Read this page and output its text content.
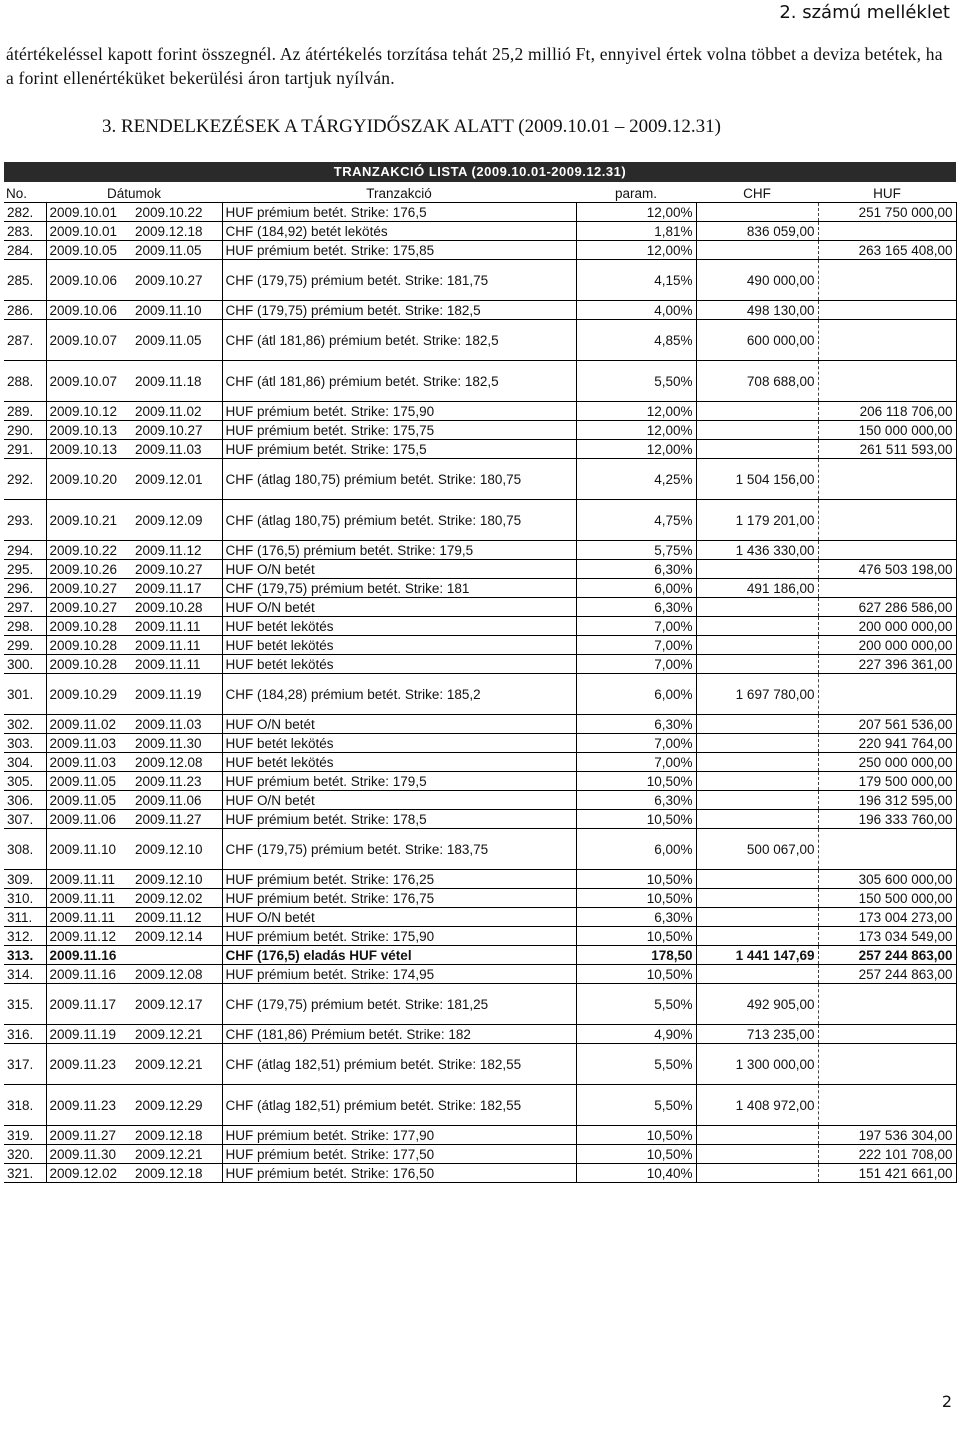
2. számú melléklet
átértékeléssel kapott forint összegnél. Az átértékelés torzítása tehát 25,2 millió Ft, ennyivel értek volna többet a deviza betétek, ha a forint ellenértéküket bekerülési áron tartjuk nyílván.
3. RENDELKEZÉSEK A TÁRGYIDŐSZAK ALATT (2009.10.01 – 2009.12.31)
TRANZAKCIÓ LISTA (2009.10.01-2009.12.31)
No.	Dátumok		Tranzakció	param.	CHF	HUF
282.	2009.10.01	2009.10.22	HUF prémium betét. Strike: 176,5	12,00%		251 750 000,00
283.	2009.10.01	2009.12.18	CHF (184,92) betét lekötés	1,81%	836 059,00	
284.	2009.10.05	2009.11.05	HUF prémium betét. Strike: 175,85	12,00%		263 165 408,00
285.	2009.10.06	2009.10.27	CHF (179,75) prémium betét. Strike: 181,75	4,15%	490 000,00	
286.	2009.10.06	2009.11.10	CHF (179,75) prémium betét. Strike: 182,5	4,00%	498 130,00	
287.	2009.10.07	2009.11.05	CHF (átl 181,86) prémium betét. Strike: 182,5	4,85%	600 000,00	
288.	2009.10.07	2009.11.18	CHF (átl 181,86) prémium betét. Strike: 182,5	5,50%	708 688,00	
289.	2009.10.12	2009.11.02	HUF prémium betét. Strike: 175,90	12,00%		206 118 706,00
290.	2009.10.13	2009.10.27	HUF prémium betét. Strike: 175,75	12,00%		150 000 000,00
291.	2009.10.13	2009.11.03	HUF prémium betét. Strike: 175,5	12,00%		261 511 593,00
292.	2009.10.20	2009.12.01	CHF (átlag 180,75) prémium betét. Strike: 180,75	4,25%	1 504 156,00	
293.	2009.10.21	2009.12.09	CHF (átlag 180,75) prémium betét. Strike: 180,75	4,75%	1 179 201,00	
294.	2009.10.22	2009.11.12	CHF (176,5) prémium betét. Strike: 179,5	5,75%	1 436 330,00	
295.	2009.10.26	2009.10.27	HUF O/N betét	6,30%		476 503 198,00
296.	2009.10.27	2009.11.17	CHF (179,75) prémium betét. Strike: 181	6,00%	491 186,00	
297.	2009.10.27	2009.10.28	HUF O/N betét	6,30%		627 286 586,00
298.	2009.10.28	2009.11.11	HUF betét lekötés	7,00%		200 000 000,00
299.	2009.10.28	2009.11.11	HUF betét lekötés	7,00%		200 000 000,00
300.	2009.10.28	2009.11.11	HUF betét lekötés	7,00%		227 396 361,00
301.	2009.10.29	2009.11.19	CHF (184,28) prémium betét. Strike: 185,2	6,00%	1 697 780,00	
302.	2009.11.02	2009.11.03	HUF O/N betét	6,30%		207 561 536,00
303.	2009.11.03	2009.11.30	HUF betét lekötés	7,00%		220 941 764,00
304.	2009.11.03	2009.12.08	HUF betét lekötés	7,00%		250 000 000,00
305.	2009.11.05	2009.11.23	HUF prémium betét. Strike: 179,5	10,50%		179 500 000,00
306.	2009.11.05	2009.11.06	HUF O/N betét	6,30%		196 312 595,00
307.	2009.11.06	2009.11.27	HUF prémium betét. Strike: 178,5	10,50%		196 333 760,00
308.	2009.11.10	2009.12.10	CHF (179,75) prémium betét. Strike: 183,75	6,00%	500 067,00	
309.	2009.11.11	2009.12.10	HUF prémium betét. Strike: 176,25	10,50%		305 600 000,00
310.	2009.11.11	2009.12.02	HUF prémium betét. Strike: 176,75	10,50%		150 500 000,00
311.	2009.11.11	2009.11.12	HUF O/N betét	6,30%		173 004 273,00
312.	2009.11.12	2009.12.14	HUF prémium betét. Strike: 175,90	10,50%		173 034 549,00
313.	2009.11.16		CHF (176,5) eladás HUF vétel	178,50	1 441 147,69	257 244 863,00
314.	2009.11.16	2009.12.08	HUF prémium betét. Strike: 174,95	10,50%		257 244 863,00
315.	2009.11.17	2009.12.17	CHF (179,75) prémium betét. Strike: 181,25	5,50%	492 905,00	
316.	2009.11.19	2009.12.21	CHF (181,86) Prémium betét. Strike: 182	4,90%	713 235,00	
317.	2009.11.23	2009.12.21	CHF (átlag 182,51) prémium betét. Strike: 182,55	5,50%	1 300 000,00	
318.	2009.11.23	2009.12.29	CHF (átlag 182,51) prémium betét. Strike: 182,55	5,50%	1 408 972,00	
319.	2009.11.27	2009.12.18	HUF prémium betét. Strike: 177,90	10,50%		197 536 304,00
320.	2009.11.30	2009.12.21	HUF prémium betét. Strike: 177,50	10,50%		222 101 708,00
321.	2009.12.02	2009.12.18	HUF prémium betét. Strike: 176,50	10,40%		151 421 661,00
2
